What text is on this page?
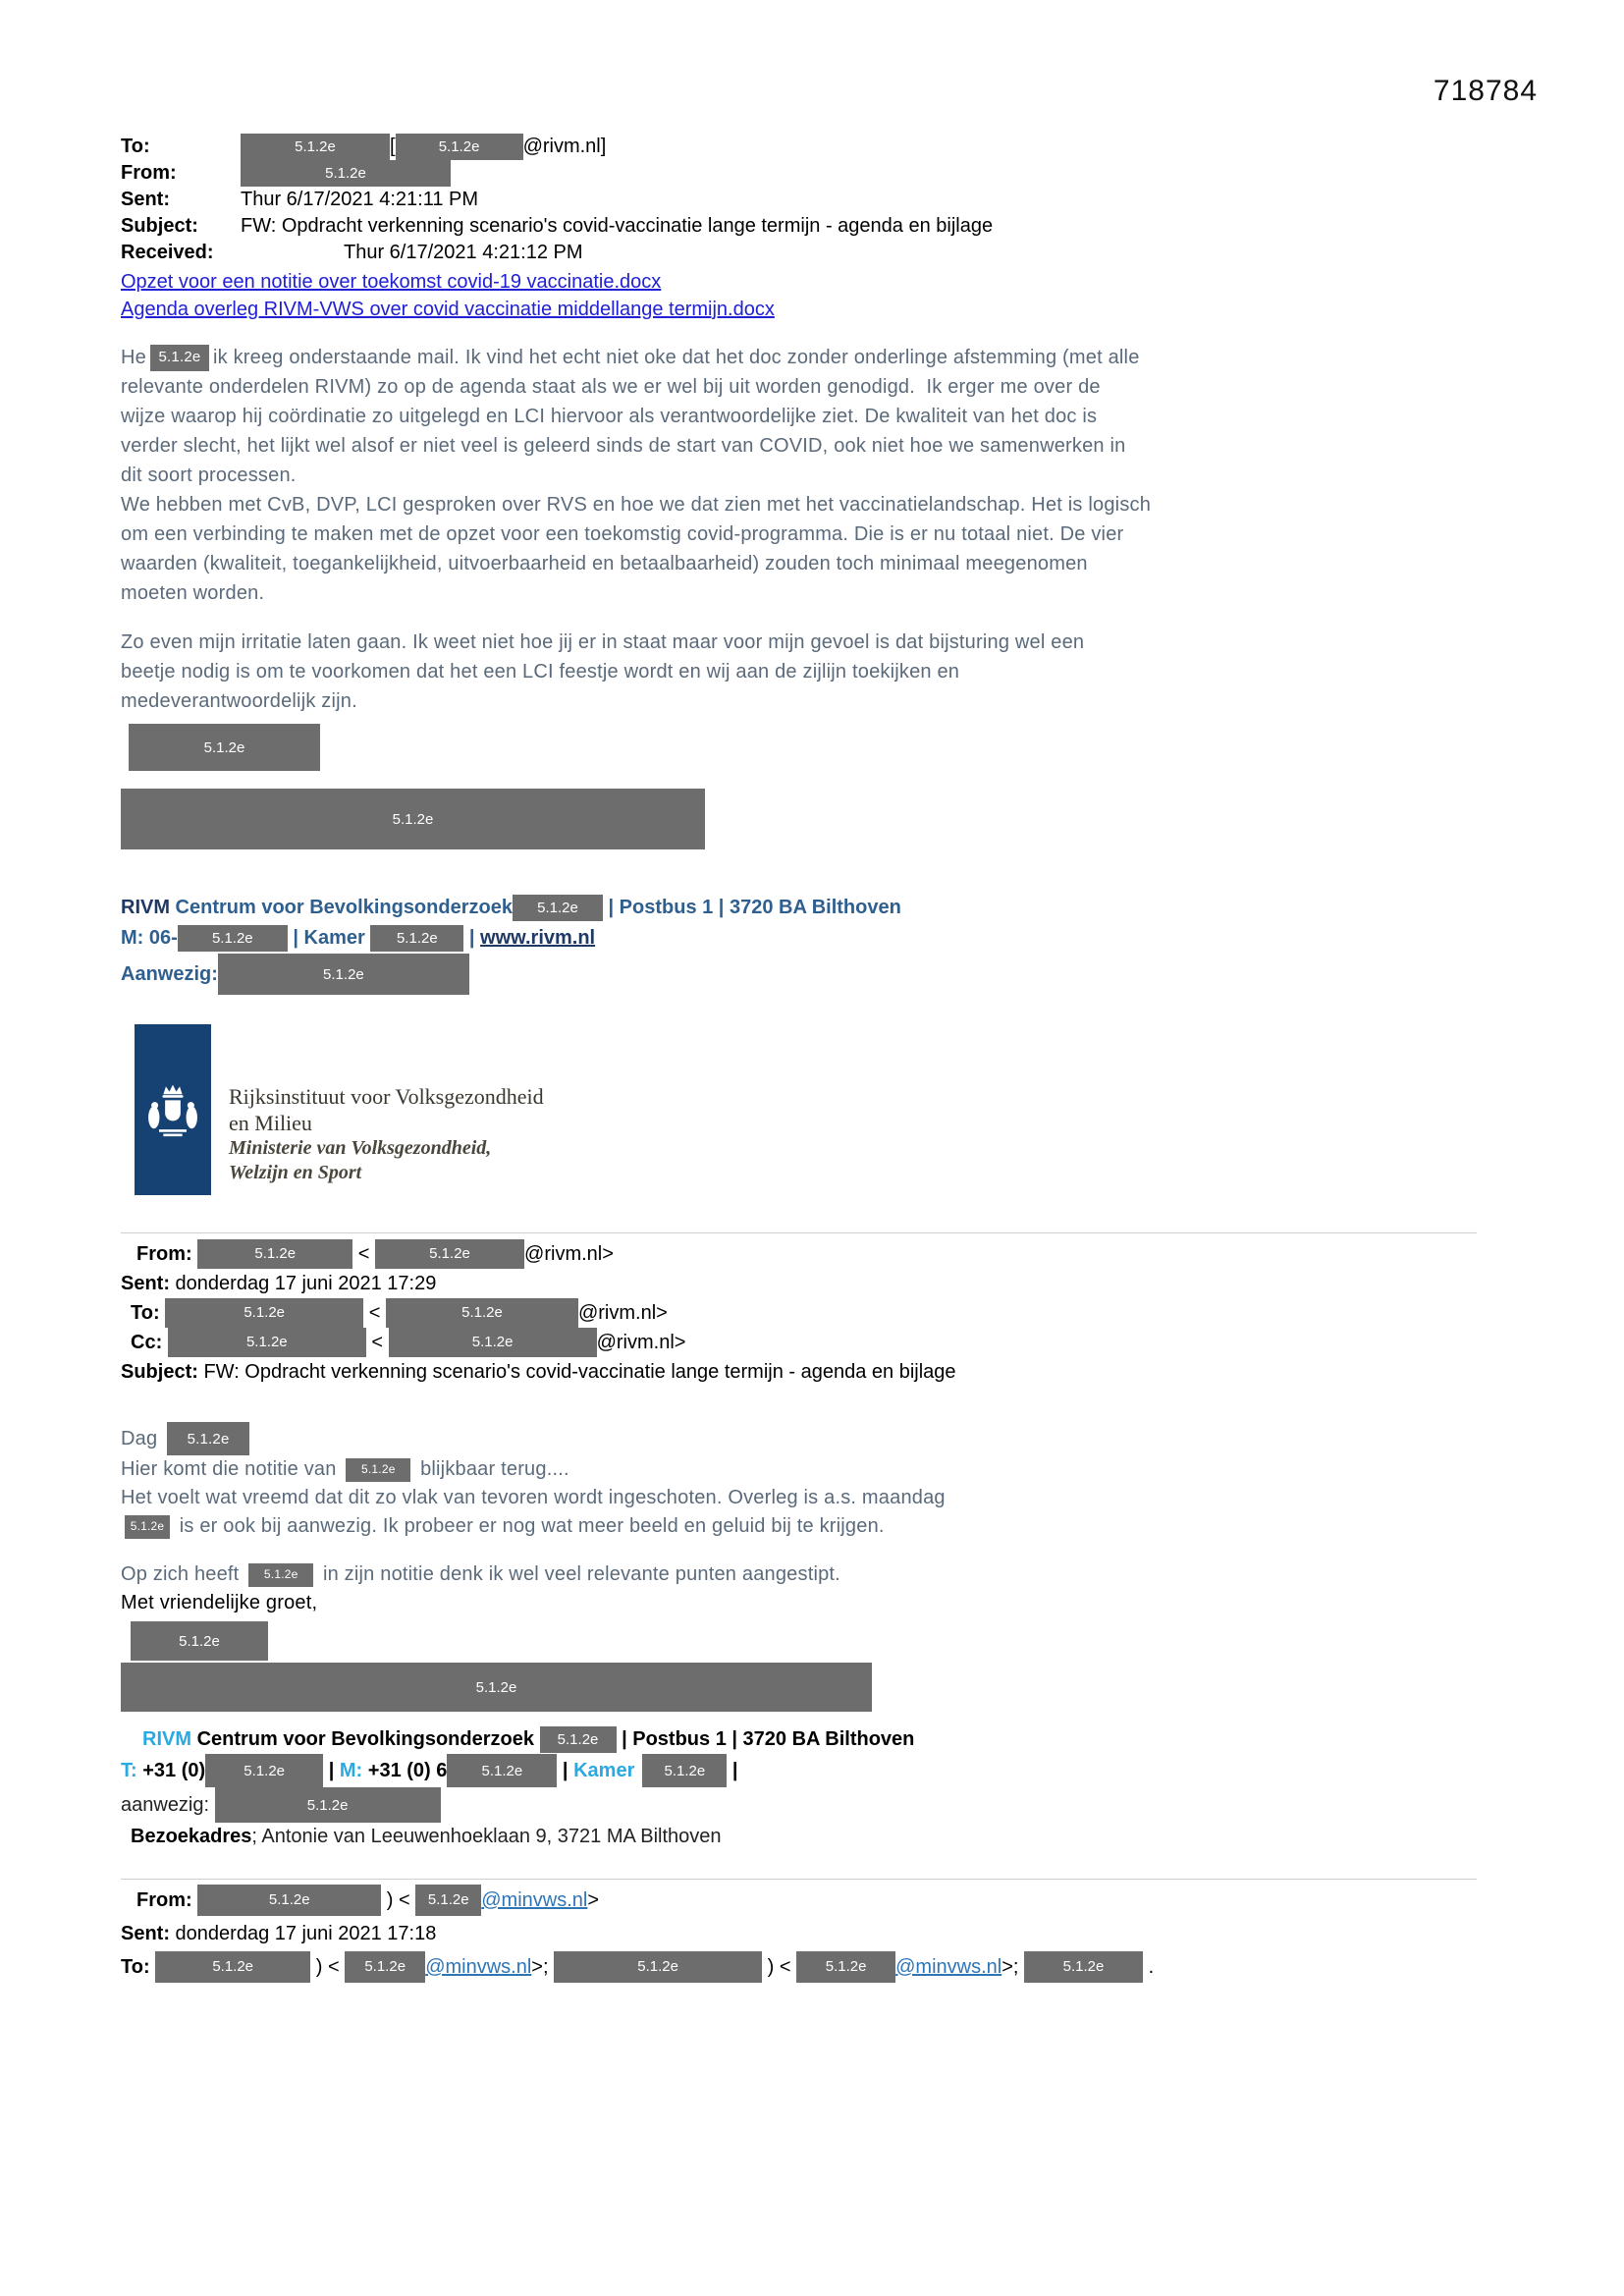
718784
To:	5.1.2e	[	5.1.2e	@rivm.nl]
From:	5.1.2e
Sent:	Thur 6/17/2021 4:21:11 PM
Subject:	FW: Opdracht verkenning scenario's covid-vaccinatie lange termijn - agenda en bijlage
Received:	Thur 6/17/2021 4:21:12 PM
Opzet voor een notitie over toekomst covid-19 vaccinatie.docx
Agenda overleg RIVM-VWS over covid vaccinatie middellange termijn.docx
He 5.1.2e ik kreeg onderstaande mail. Ik vind het echt niet oke dat het doc zonder onderlinge afstemming (met alle
relevante onderdelen RIVM) zo op de agenda staat als we er wel bij uit worden genodigd.  Ik erger me over de
wijze waarop hij coördinatie zo uitgelegd en LCI hiervoor als verantwoordelijke ziet. De kwaliteit van het doc is
verder slecht, het lijkt wel alsof er niet veel is geleerd sinds de start van COVID, ook niet hoe we samenwerken in
dit soort processen.
We hebben met CvB, DVP, LCI gesproken over RVS en hoe we dat zien met het vaccinatielandschap. Het is logisch
om een verbinding te maken met de opzet voor een toekomstig covid-programma. Die is er nu totaal niet. De vier
waarden (kwaliteit, toegankelijkheid, uitvoerbaarheid en betaalbaarheid) zouden toch minimaal meegenomen
moeten worden.
Zo even mijn irritatie laten gaan. Ik weet niet hoe jij er in staat maar voor mijn gevoel is dat bijsturing wel een
beetje nodig is om te voorkomen dat het een LCI feestje wordt en wij aan de zijlijn toekijken en
medeverantwoordelijk zijn.
5.1.2e
5.1.2e
RIVM Centrum voor Bevolkingsonderzoek	5.1.2e	| Postbus 1 | 3720 BA Bilthoven
M: 06-	5.1.2e	| Kamer	5.1.2e	| www.rivm.nl
Aanwezig:	5.1.2e
Rijksinstituut voor Volksgezondheid
en Milieu
Ministerie van Volksgezondheid,
Welzijn en Sport
From:
	5.1.2e	<	5.1.2e	@rivm.nl>
Sent: donderdag 17 juni 2021 17:29
To:
	5.1.2e	<	5.1.2e	@rivm.nl>
Cc:
	5.1.2e	<	5.1.2e	@rivm.nl>
Subject: FW: Opdracht verkenning scenario's covid-vaccinatie lange termijn - agenda en bijlage
Dag	5.1.2e
Hier komt die notitie van	5.1.2e blijkbaar terug....
Het voelt wat vreemd dat dit zo vlak van tevoren wordt ingeschoten. Overleg is a.s. maandag
5.1.2e is er ook bij aanwezig. Ik probeer er nog wat meer beeld en geluid bij te krijgen.
Op zich heeft	5.1.2e in zijn notitie denk ik wel veel relevante punten aangestipt.
Met vriendelijke groet,
5.1.2e
5.1.2e
RIVM Centrum voor Bevolkingsonderzoek	5.1.2e | Postbus 1 | 3720 BA Bilthoven
T: +31 (0)	5.1.2e	| M: +31 (0) 6	5.1.2e	| Kamer	5.1.2e	|
aanwezig:	5.1.2e
Bezoekadres ; Antonie van Leeuwenhoeklaan 9, 3721 MA Bilthoven
From:
	5.1.2e	) < 5.1.2e @minvws.nl >
Sent: donderdag 17 juni 2021 17:18
To:
	5.1.2e	) <	5.1.2e	@minvws.nl >;	5.1.2e	) <	5.1.2e	@minvws.nl >;	5.1.2e	.
